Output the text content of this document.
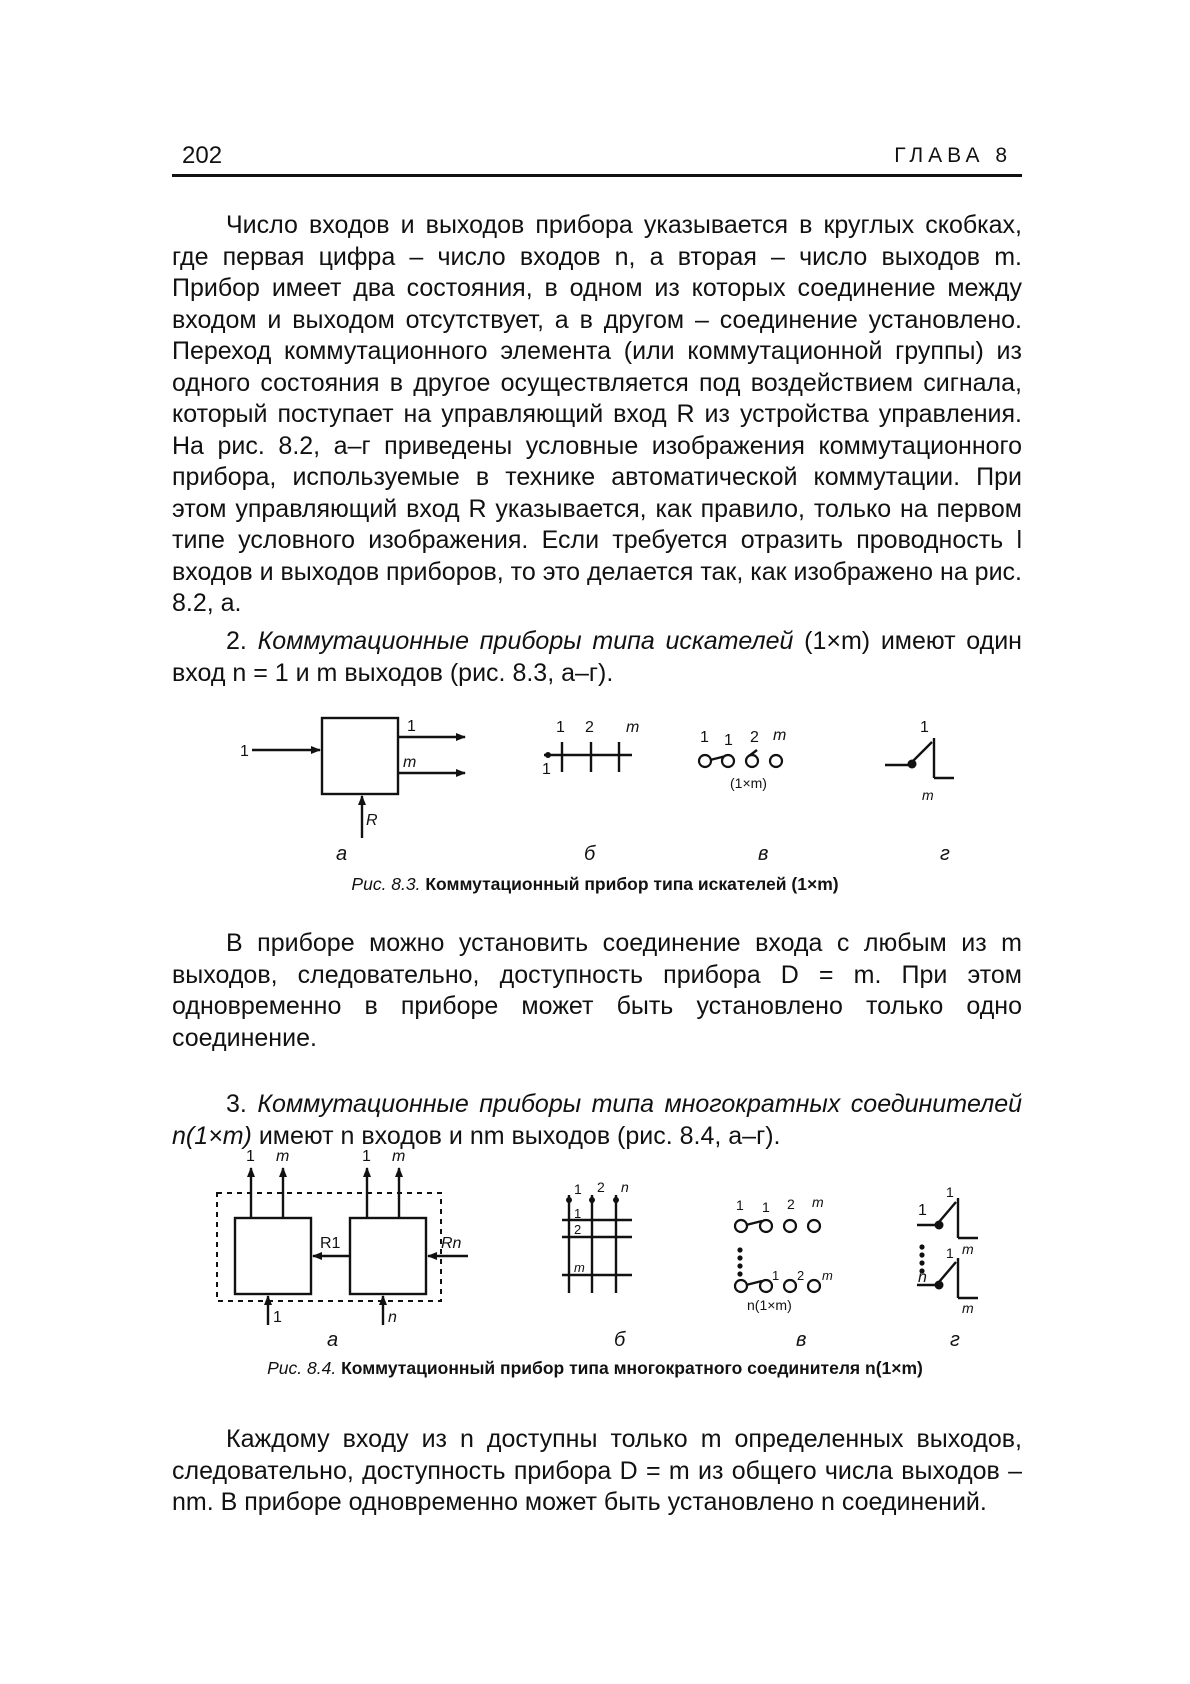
202	ГЛАВА 8

Число входов и выходов прибора указывается в круглых скобках, где первая цифра – число входов n, а вторая – число выходов m. Прибор имеет два состояния, в одном из которых соединение между входом и выходом отсутствует, а в другом – соединение установлено. Переход коммутационного элемента (или коммутационной группы) из одного состояния в другое осуществляется под воздействием сигнала, который поступает на управляющий вход R из устройства управления. На рис. 8.2, а–г приведены условные изображения коммутационного прибора, используемые в технике автоматической коммутации. При этом управляющий вход R указывается, как правило, только на первом типе условного изображения. Если требуется отразить проводность l входов и выходов приборов, то это делается так, как изображено на рис. 8.2, а.

2. Коммутационные приборы типа искателей (1×m) имеют один вход n = 1 и m выходов (рис. 8.3, а–г).

1
1
m
R
1 2 m
1
1 1 2 m	1
m
(1×m)
а	б	в	г
Рис. 8.3. Коммутационный прибор типа искателей (1×m)

В приборе можно установить соединение входа с любым из m выходов, следовательно, доступность прибора D = m. При этом одновременно в приборе может быть установлено только одно соединение.

3. Коммутационные приборы типа многократных соединителей n(1×m) имеют n входов и nm выходов (рис. 8.4, а–г).

1 m	1 m
R1	Rn
1	n
1 2 n
1
2
m
1 1 2 m
1 2 m
1
1
m
n
1
m
n(1×m)
а	б	в	г
Рис. 8.4. Коммутационный прибор типа многократного соединителя n(1×m)

Каждому входу из n доступны только m определенных выходов, следовательно, доступность прибора D = m из общего числа выходов – nm. В приборе одновременно может быть установлено n соединений.
